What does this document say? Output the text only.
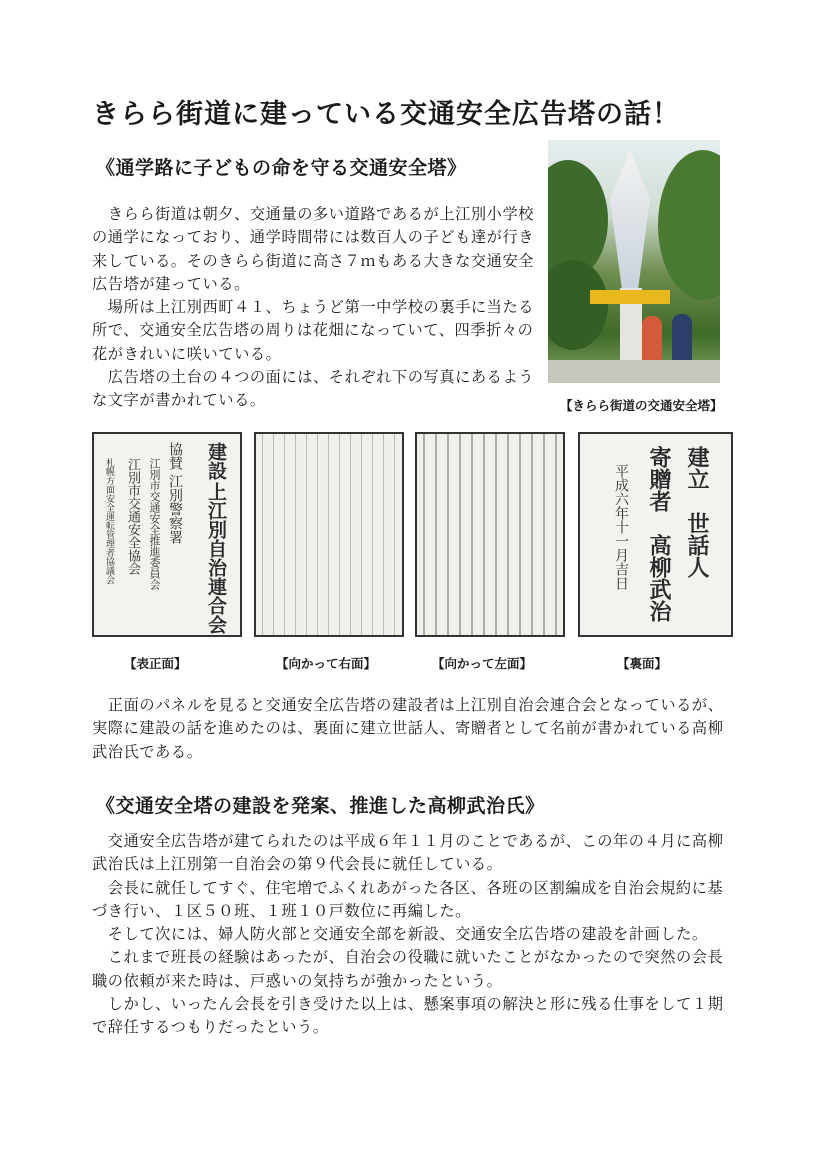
きらら街道に建っている交通安全広告塔の話！
《通学路に子どもの命を守る交通安全塔》
　きらら街道は朝夕、交通量の多い道路であるが上江別小学校
の通学になっており、通学時間帯には数百人の子ども達が行き
来している。そのきらら街道に高さ７ｍもある大きな交通安全
広告塔が建っている。
　場所は上江別西町４１、ちょうど第一中学校の裏手に当たる
所で、交通安全広告塔の周りは花畑になっていて、四季折々の
花がきれいに咲いている。
　広告塔の土台の４つの面には、それぞれ下の写真にあるよう
な文字が書かれている。	【きらら街道の交通安全塔】

建設

上江別自治連合会

協賛

江別警察署

江別市交通安全推進委員会

江別市交通安全協会

札幌方面安全運転管理者協議会

【表正面】	【向かって右面】	【向かって左面】

建立　世話人

寄贈者　高柳武治

平成六年十一月吉日

【裏面】

　正面のパネルを見ると交通安全広告塔の建設者は上江別自治会連合会となっているが、
実際に建設の話を進めたのは、裏面に建立世話人、寄贈者として名前が書かれている高柳
武治氏である。
《交通安全塔の建設を発案、推進した高柳武治氏》
　交通安全広告塔が建てられたのは平成６年１１月のことであるが、この年の４月に高柳
武治氏は上江別第一自治会の第９代会長に就任している。
　会長に就任してすぐ、住宅増でふくれあがった各区、各班の区割編成を自治会規約に基
づき行い、１区５０班、１班１０戸数位に再編した。
　そして次には、婦人防火部と交通安全部を新設、交通安全広告塔の建設を計画した。
　これまで班長の経験はあったが、自治会の役職に就いたことがなかったので突然の会長
職の依頼が来た時は、戸惑いの気持ちが強かったという。
　しかし、いったん会長を引き受けた以上は、懸案事項の解決と形に残る仕事をして１期
で辞任するつもりだったという。
